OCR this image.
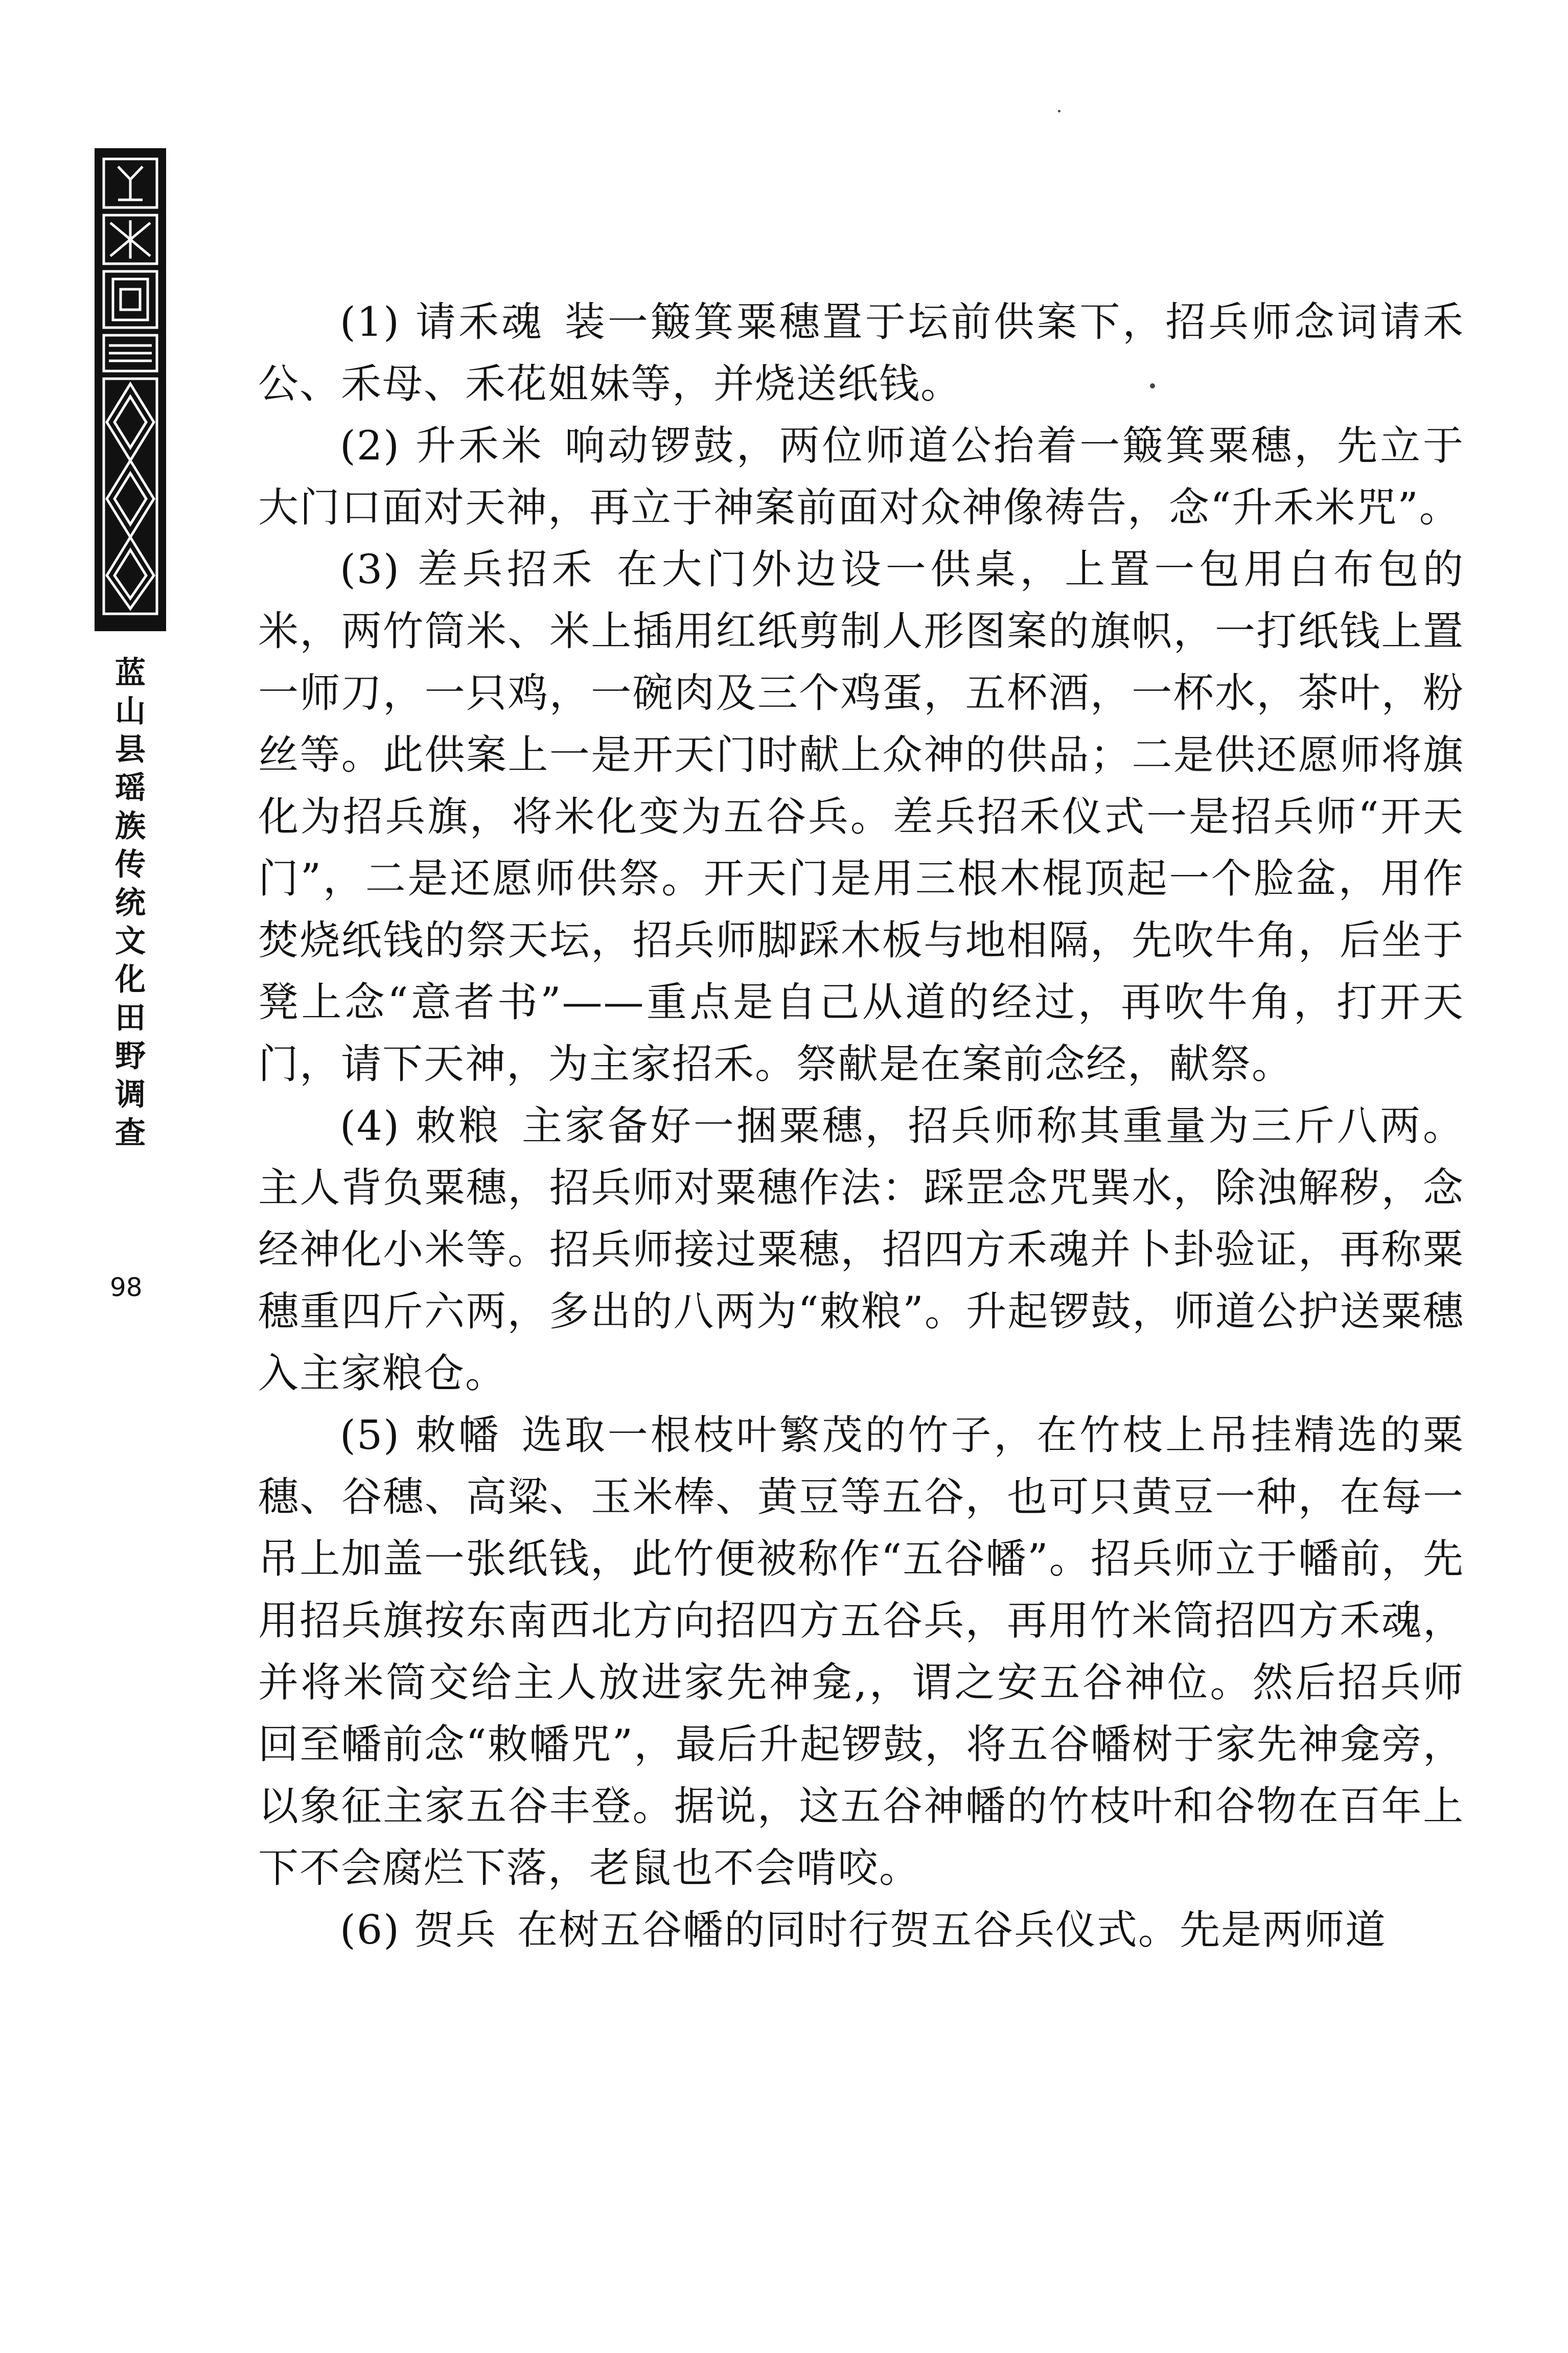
蓝
山
县
瑶
族
传
统
文
化
田
野
调
查
98

(1) 请禾魂 装一簸箕粟穗置于坛前供案下，招兵师念词请禾公、禾母、禾花姐妹等，并烧送纸钱。

(2) 升禾米 响动锣鼓，两位师道公抬着一簸箕粟穗，先立于大门口面对天神，再立于神案前面对众神像祷告，念“升禾米咒”。

(3) 差兵招禾 在大门外边设一供桌，上置一包用白布包的米，两竹筒米、米上插用红纸剪制人形图案的旗帜，一打纸钱上置一师刀，一只鸡，一碗肉及三个鸡蛋，五杯酒，一杯水，茶叶，粉丝等。此供案上一是开天门时献上众神的供品；二是供还愿师将旗化为招兵旗，将米化变为五谷兵。差兵招禾仪式一是招兵师“开天门”，二是还愿师供祭。开天门是用三根木棍顶起一个脸盆，用作焚烧纸钱的祭天坛，招兵师脚踩木板与地相隔，先吹牛角，后坐于凳上念“意者书”——重点是自己从道的经过，再吹牛角，打开天门，请下天神，为主家招禾。祭献是在案前念经，献祭。

(4) 敕粮 主家备好一捆粟穗，招兵师称其重量为三斤八两。主人背负粟穗，招兵师对粟穗作法：踩罡念咒巽水，除浊解秽，念经神化小米等。招兵师接过粟穗，招四方禾魂并卜卦验证，再称粟穗重四斤六两，多出的八两为“敕粮”。升起锣鼓，师道公护送粟穗入主家粮仓。

(5) 敕幡 选取一根枝叶繁茂的竹子，在竹枝上吊挂精选的粟穗、谷穗、高粱、玉米棒、黄豆等五谷，也可只黄豆一种，在每一吊上加盖一张纸钱，此竹便被称作“五谷幡”。招兵师立于幡前，先用招兵旗按东南西北方向招四方五谷兵，再用竹米筒招四方禾魂，并将米筒交给主人放进家先神龛,，谓之安五谷神位。然后招兵师回至幡前念“敕幡咒”，最后升起锣鼓，将五谷幡树于家先神龛旁，以象征主家五谷丰登。据说，这五谷神幡的竹枝叶和谷物在百年上下不会腐烂下落，老鼠也不会啃咬。

(6) 贺兵 在树五谷幡的同时行贺五谷兵仪式。先是两师道
